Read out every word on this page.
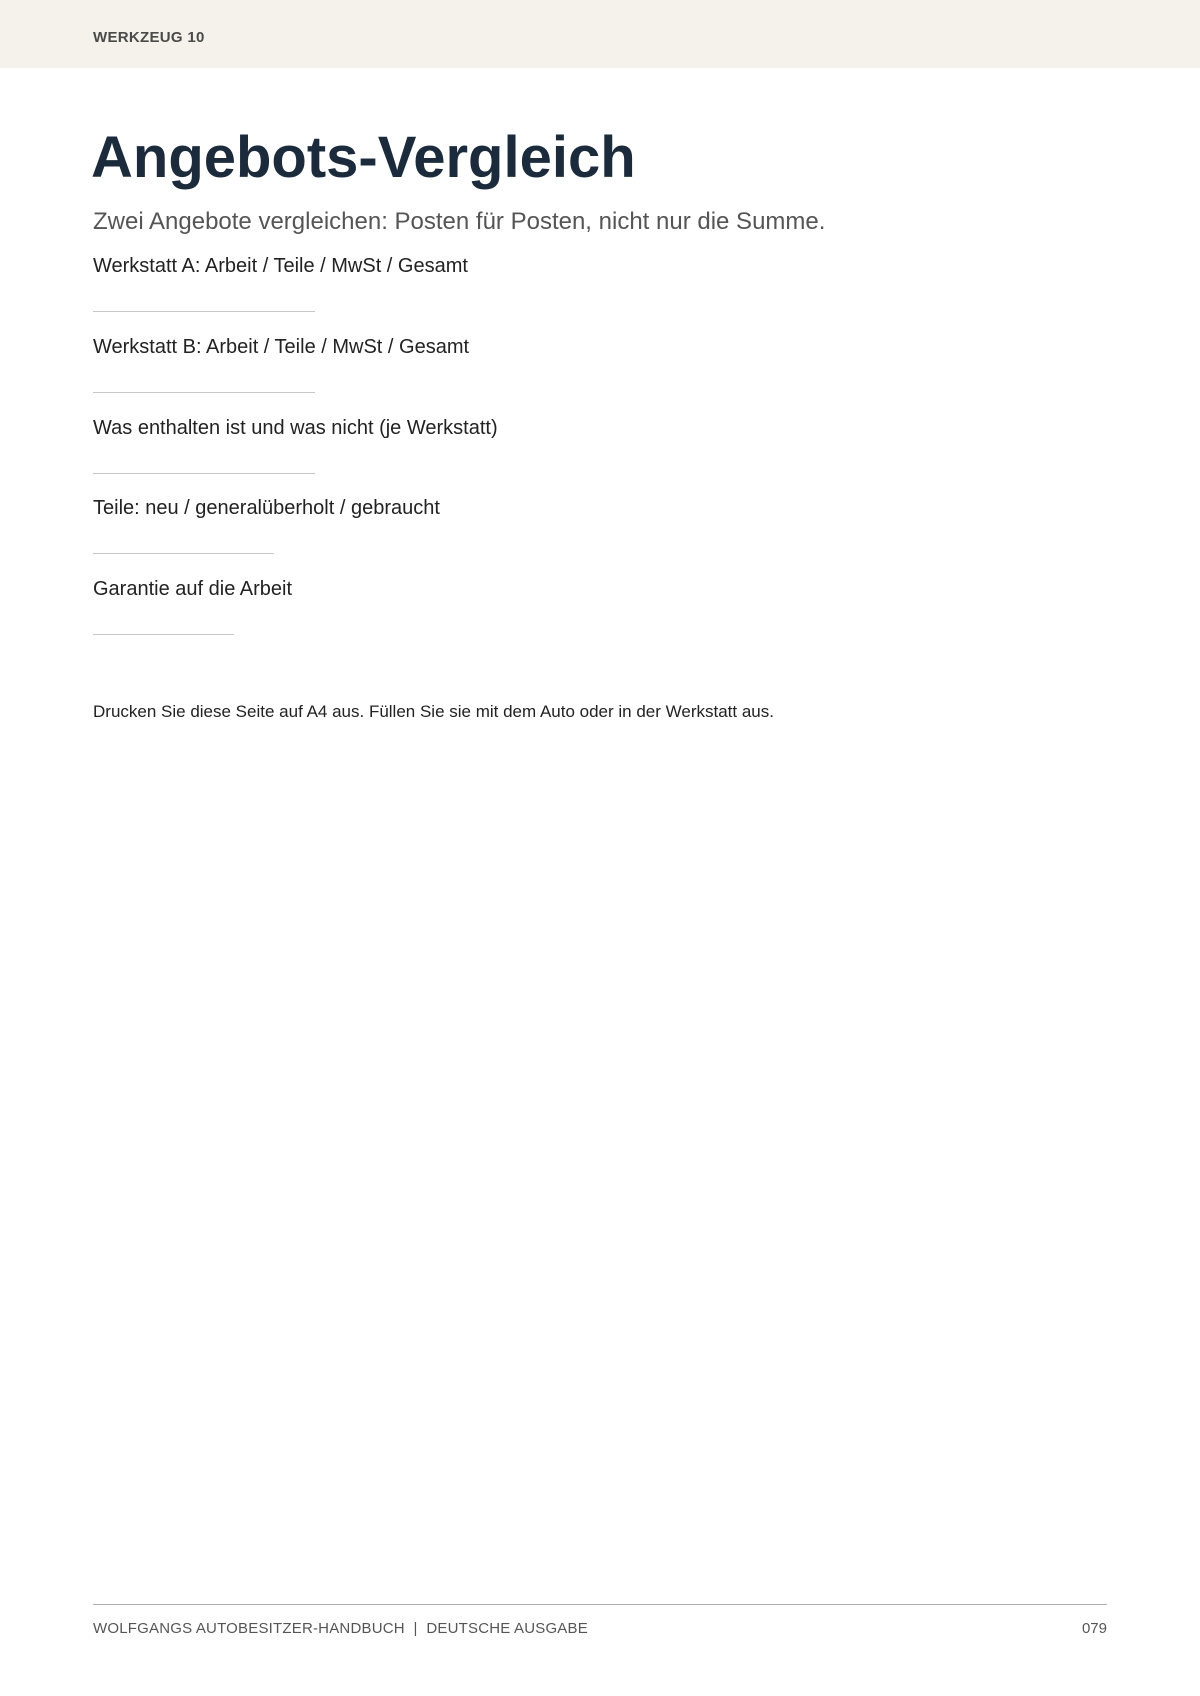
WERKZEUG 10
Angebots-Vergleich

Zwei Angebote vergleichen: Posten für Posten, nicht nur die Summe.

Werkstatt A: Arbeit / Teile / MwSt / Gesamt
Werkstatt B: Arbeit / Teile / MwSt / Gesamt
Was enthalten ist und was nicht (je Werkstatt)
Teile: neu / generalüberholt / gebraucht
Garantie auf die Arbeit

Drucken Sie diese Seite auf A4 aus. Füllen Sie sie mit dem Auto oder in der Werkstatt aus.

WOLFGANGS AUTOBESITZER-HANDBUCH  |  DEUTSCHE AUSGABE	079
